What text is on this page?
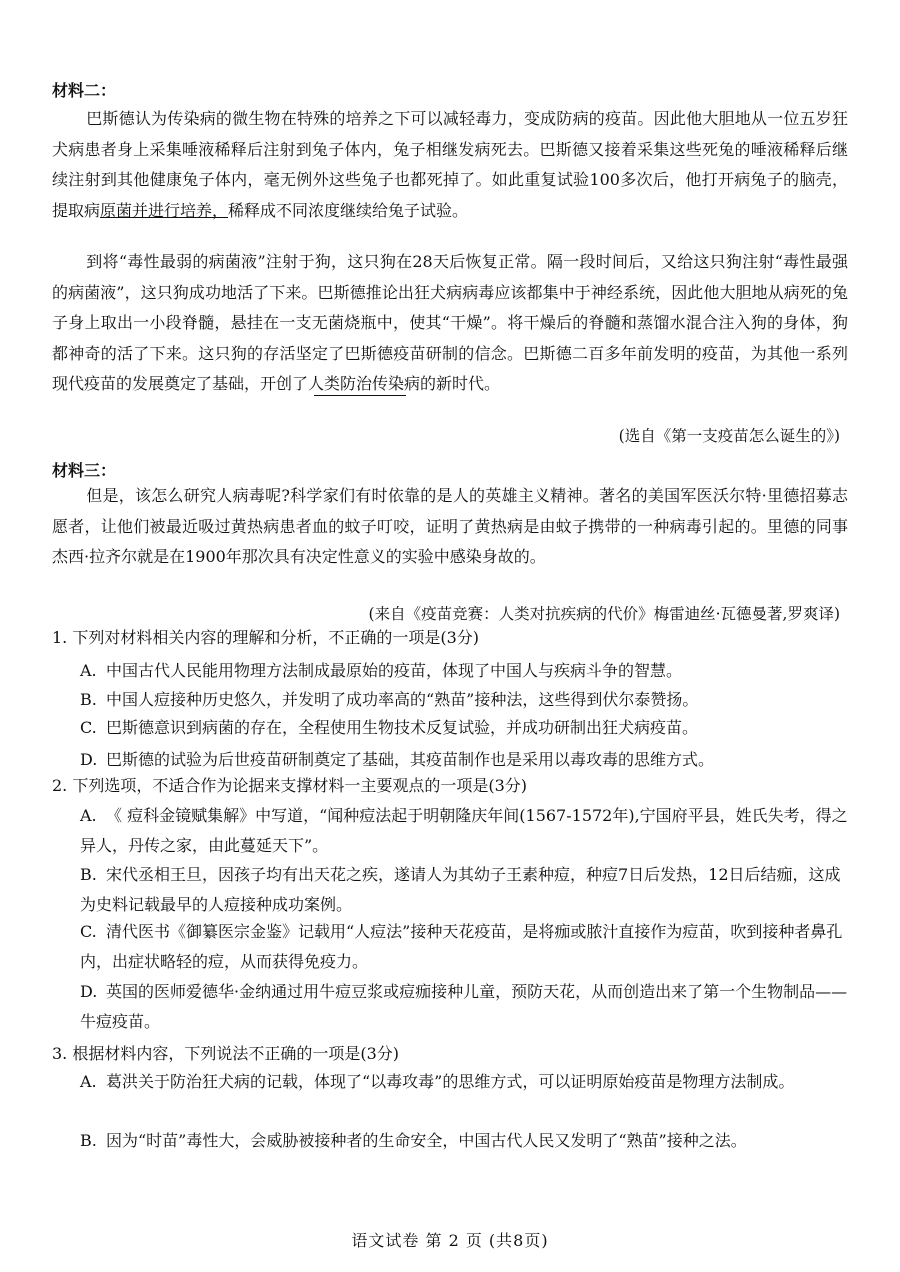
材料二：
巴斯德认为传染病的微生物在特殊的培养之下可以减轻毒力，变成防病的疫苗。因此他大胆地从一位五岁狂犬病患者身上采集唾液稀释后注射到兔子体内，兔子相继发病死去。巴斯德又接着采集这些死兔的唾液稀释后继续注射到其他健康兔子体内，毫无例外这些兔子也都死掉了。如此重复试验100多次后，他打开病兔子的脑壳，提取病原菌并进行培养，稀释成不同浓度继续给兔子试验。
到将“毒性最弱的病菌液”注射于狗，这只狗在28天后恢复正常。隔一段时间后，又给这只狗注射“毒性最强的病菌液”，这只狗成功地活了下来。巴斯德推论出狂犬病病毒应该都集中于神经系统，因此他大胆地从病死的兔子身上取出一小段脊髓，悬挂在一支无菌烧瓶中，使其“干燥”。将干燥后的脊髓和蒸馏水混合注入狗的身体，狗都神奇的活了下来。这只狗的存活坚定了巴斯德疫苗研制的信念。巴斯德二百多年前发明的疫苗，为其他一系列现代疫苗的发展奠定了基础，开创了人类防治传染病的新时代。
(选自《第一支疫苗怎么诞生的》)
材料三：
但是，该怎么研究人病毒呢?科学家们有时依靠的是人的英雄主义精神。著名的美国军医沃尔特·里德招募志愿者，让他们被最近吸过黄热病患者血的蚊子叮咬，证明了黄热病是由蚊子携带的一种病毒引起的。里德的同事杰西·拉齐尔就是在1900年那次具有决定性意义的实验中感染身故的。
(来自《疫苗竞赛：人类对抗疾病的代价》梅雷迪丝·瓦德曼著,罗爽译)
1. 下列对材料相关内容的理解和分析，不正确的一项是(3分)
A. 中国古代人民能用物理方法制成最原始的疫苗，体现了中国人与疾病斗争的智慧。
B. 中国人痘接种历史悠久，并发明了成功率高的“熟苗”接种法，这些得到伏尔泰赞扬。
C. 巴斯德意识到病菌的存在，全程使用生物技术反复试验，并成功研制出狂犬病疫苗。
D. 巴斯德的试验为后世疫苗研制奠定了基础，其疫苗制作也是采用以毒攻毒的思维方式。
2. 下列选项，不适合作为论据来支撑材料一主要观点的一项是(3分)
A. 《 痘科金镜赋集解》中写道，“闻种痘法起于明朝隆庆年间(1567-1572年),宁国府平县，姓氏失考，得之异人，丹传之家，由此蔓延天下”。
B. 宋代丞相王旦，因孩子均有出天花之疾，遂请人为其幼子王素种痘，种痘7日后发热，12日后结痂，这成为史料记载最早的人痘接种成功案例。
C. 清代医书《御纂医宗金鉴》记载用“人痘法”接种天花疫苗，是将痂或脓汁直接作为痘苗，吹到接种者鼻孔内，出症状略轻的痘，从而获得免疫力。
D. 英国的医师爱德华·金纳通过用牛痘豆浆或痘痂接种儿童，预防天花，从而创造出来了第一个生物制品——牛痘疫苗。
3. 根据材料内容，下列说法不正确的一项是(3分)
A. 葛洪关于防治狂犬病的记载，体现了“以毒攻毒”的思维方式，可以证明原始疫苗是物理方法制成。
B. 因为“时苗”毒性大，会威胁被接种者的生命安全，中国古代人民又发明了“熟苗”接种之法。
语文试卷 第 2 页 (共8页)
